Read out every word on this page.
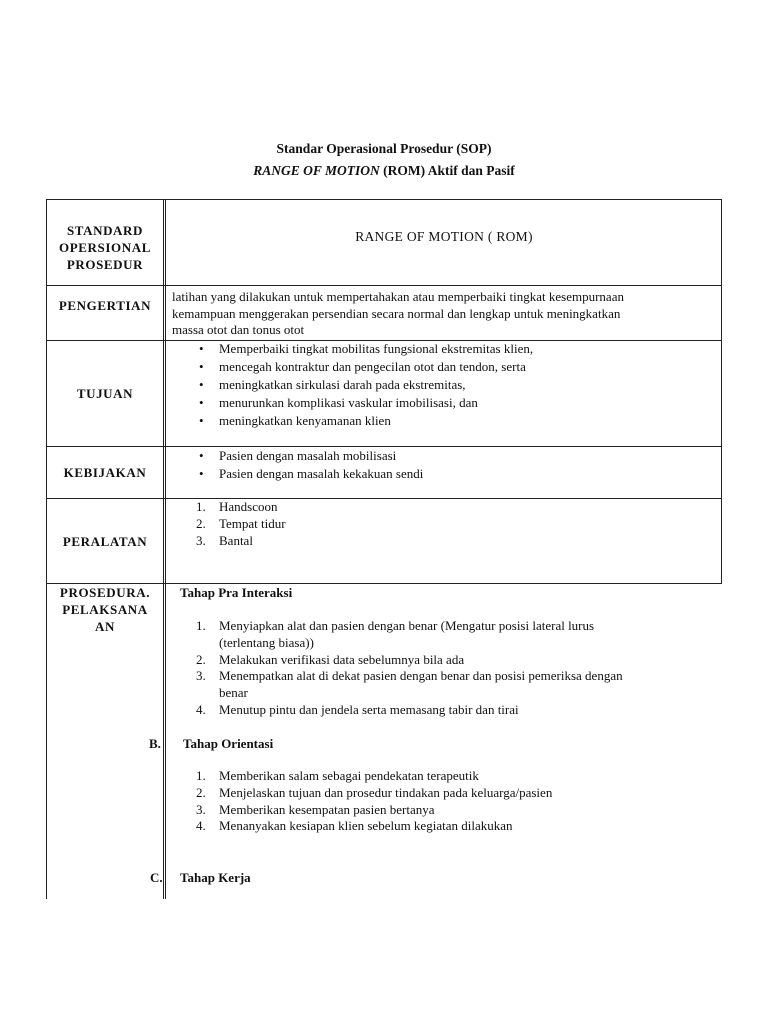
Standar Operasional Prosedur (SOP)
RANGE OF MOTION (ROM) Aktif dan Pasif
STANDARD
OPERSIONAL
PROSEDUR
RANGE OF MOTION ( ROM)
PENGERTIAN
latihan yang dilakukan untuk mempertahakan atau memperbaiki tingkat kesempurnaan
kemampuan menggerakan persendian secara normal dan lengkap untuk meningkatkan
massa otot dan tonus otot
TUJUAN
• Memperbaiki tingkat mobilitas fungsional ekstremitas klien,
• mencegah kontraktur dan pengecilan otot dan tendon, serta
• meningkatkan sirkulasi darah pada ekstremitas,
• menurunkan komplikasi vaskular imobilisasi, dan
• meningkatkan kenyamanan klien
KEBIJAKAN
• Pasien dengan masalah mobilisasi
• Pasien dengan masalah kekakuan sendi
PERALATAN
1. Handscoon
2. Tempat tidur
3. Bantal
PROSEDURA.
PELAKSANA
AN
Tahap Pra Interaksi
1. Menyiapkan alat dan pasien dengan benar (Mengatur posisi lateral lurus
(terlentang biasa))
2. Melakukan verifikasi data sebelumnya bila ada
3. Menempatkan alat di dekat pasien dengan benar dan posisi pemeriksa dengan
benar
4. Menutup pintu dan jendela serta memasang tabir dan tirai
B. Tahap Orientasi
1. Memberikan salam sebagai pendekatan terapeutik
2. Menjelaskan tujuan dan prosedur tindakan pada keluarga/pasien
3. Memberikan kesempatan pasien bertanya
4. Menanyakan kesiapan klien sebelum kegiatan dilakukan
C. Tahap Kerja
